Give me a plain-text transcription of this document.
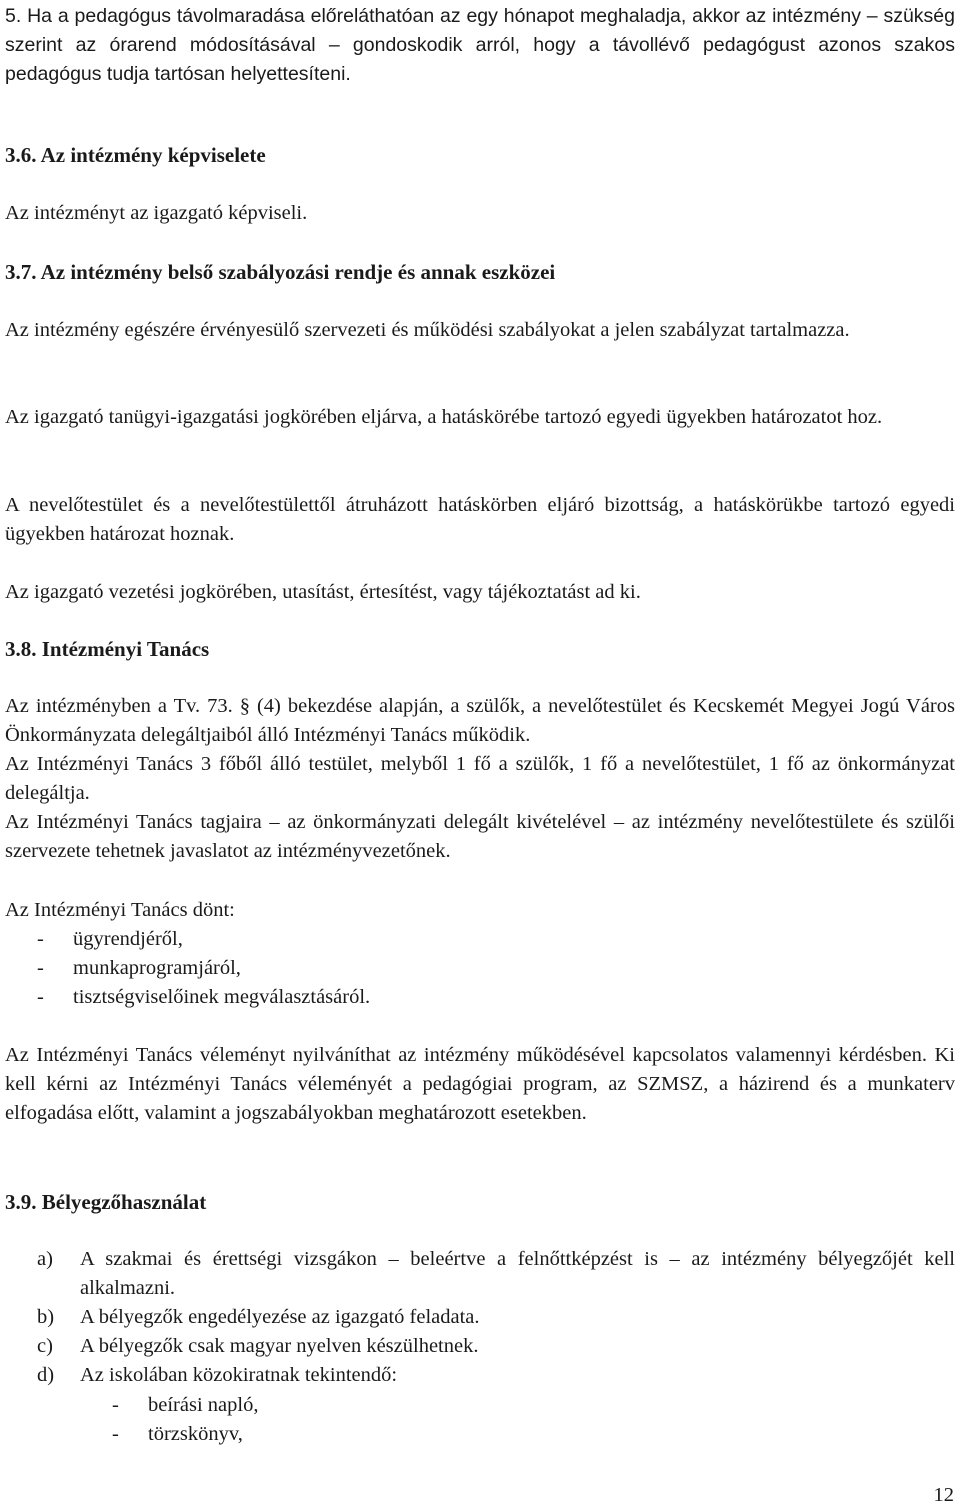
5. Ha a pedagógus távolmaradása előreláthatóan az egy hónapot meghaladja, akkor az intézmény – szükség szerint az órarend módosításával – gondoskodik arról, hogy a távollévő pedagógust azonos szakos pedagógus tudja tartósan helyettesíteni.

3.6. Az intézmény képviselete

Az intézményt az igazgató képviseli.

3.7. Az intézmény belső szabályozási rendje és annak eszközei

Az intézmény egészére érvényesülő szervezeti és működési szabályokat a jelen szabályzat tartalmazza.

Az igazgató tanügyi-igazgatási jogkörében eljárva, a hatáskörébe tartozó egyedi ügyekben határozatot hoz.

A nevelőtestület és a nevelőtestülettől átruházott hatáskörben eljáró bizottság, a hatáskörükbe tartozó egyedi ügyekben határozat hoznak.

Az igazgató vezetési jogkörében, utasítást, értesítést, vagy tájékoztatást ad ki.

3.8. Intézményi Tanács

Az intézményben a Tv. 73. § (4) bekezdése alapján, a szülők, a nevelőtestület és Kecskemét Megyei Jogú Város Önkormányzata delegáltjaiból álló Intézményi Tanács működik.

Az Intézményi Tanács 3 főből álló testület, melyből 1 fő a szülők, 1 fő a nevelőtestület, 1 fő az önkormányzat delegáltja.

Az Intézményi Tanács tagjaira – az önkormányzati delegált kivételével – az intézmény nevelőtestülete és szülői szervezete tehetnek javaslatot az intézményvezetőnek.

Az Intézményi Tanács dönt:

-	ügyrendjéről,
-	munkaprogramjáról,
-	tisztségviselőinek megválasztásáról.

Az Intézményi Tanács véleményt nyilváníthat az intézmény működésével kapcsolatos valamennyi kérdésben. Ki kell kérni az Intézményi Tanács véleményét a pedagógiai program, az SZMSZ, a házirend és a munkaterv elfogadása előtt, valamint a jogszabályokban meghatározott esetekben.

3.9. Bélyegzőhasználat

a)	A szakmai és érettségi vizsgákon – beleértve a felnőttképzést is – az intézmény bélyegzőjét kell alkalmazni.
b)	A bélyegzők engedélyezése az igazgató feladata.
c)	A bélyegzők csak magyar nyelven készülhetnek.
d)	Az iskolában közokiratnak tekintendő:
-	beírási napló,
-	törzskönyv,
12
